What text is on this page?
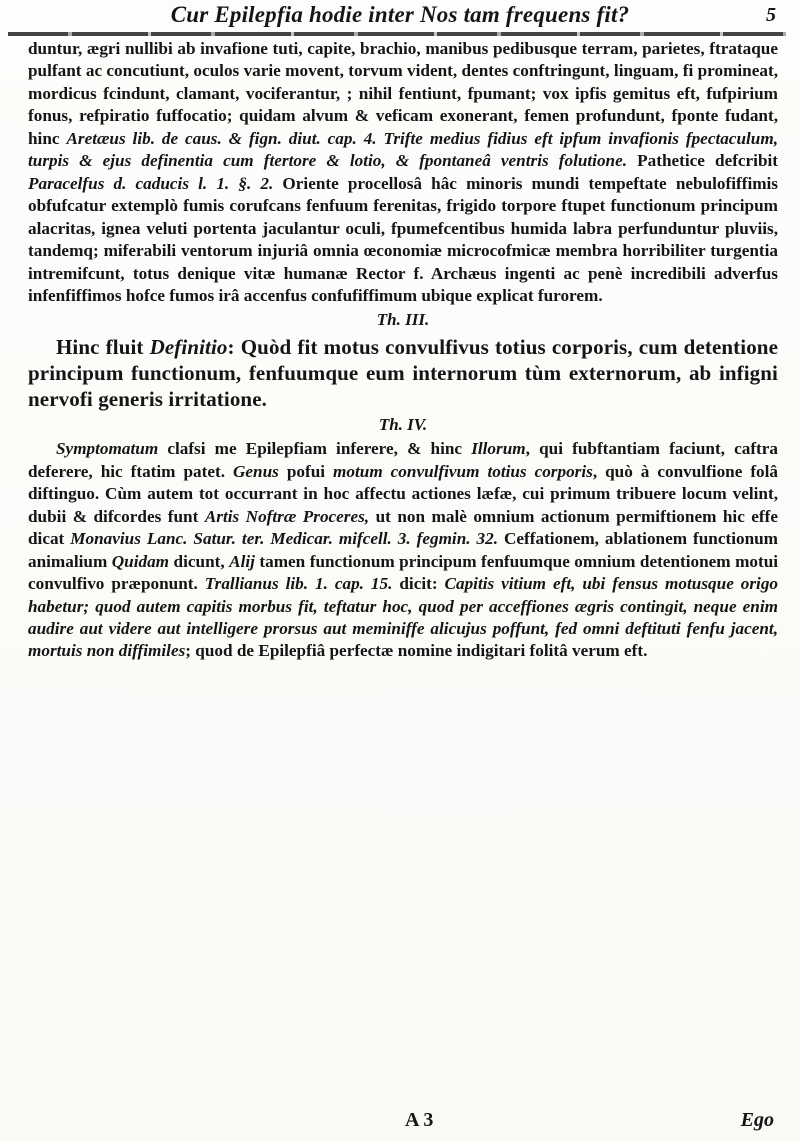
Cur Epilepfia hodie inter Nos tam frequens fit?	5

duntur, ægri nullibi ab invafione tuti, capite, brachio, manibus pedibusque terram, parietes, ftrataque pulfant ac concutiunt, oculos varie movent, torvum vident, dentes conftringunt, linguam, fi promineat, mordicus fcindunt, clamant, vociferantur, ; nihil fentiunt, fpumant; vox ipfis gemitus eft, fufpirium fonus, refpiratio fuffocatio; quidam alvum & veficam exonerant, femen profundunt, fponte fudant, hinc Aretæus lib. de caus. & fign. diut. cap. 4. Trifte medius fidius eft ipfum invafionis fpectaculum, turpis & ejus definentia cum ftertore & lotio, & fpontaneâ ventris folutione. Pathetice defcribit Paracelfus d. caducis l. 1. §. 2. Oriente procellosâ hâc minoris mundi tempeftate nebulofiffimis obfufcatur extemplò fumis corufcans fenfuum ferenitas, frigido torpore ftupet functionum principum alacritas, ignea veluti portenta jaculantur oculi, fpumefcentibus humida labra perfunduntur pluviis, tandemq; miferabili ventorum injuriâ omnia œconomiæ microcofmicæ membra horribiliter turgentia intremifcunt, totus denique vitæ humanæ Rector f. Archæus ingenti ac penè incredibili adverfus infenfiffimos hofce fumos irâ accenfus confufiffimum ubique explicat furorem.

Th. III.

Hinc fluit Definitio: Quòd fit motus convulfivus totius corporis, cum detentione principum functionum, fenfuumque eum internorum tùm externorum, ab infigni nervofi generis irritatione.

Th. IV.

Symptomatum clafsi me Epilepfiam inferere, & hinc Illorum, qui fubftantiam faciunt, caftra deferere, hic ftatim patet. Genus pofui motum convulfivum totius corporis, quò à convulfione folâ diftinguo. Cùm autem tot occurrant in hoc affectu actiones læfæ, cui primum tribuere locum velint, dubii & difcordes funt Artis Noftræ Proceres, ut non malè omnium actionum permiftionem hic effe dicat Monavius Lanc. Satur. ter. Medicar. mifcell. 3. fegmin. 32. Ceffationem, ablationem functionum animalium Quidam dicunt, Alij tamen functionum principum fenfuumque omnium detentionem motui convulfivo præponunt. Trallianus lib. 1. cap. 15. dicit: Capitis vitium eft, ubi fensus motusque origo habetur; quod autem capitis morbus fit, teftatur hoc, quod per acceffiones ægris contingit, neque enim audire aut videre aut intelligere prorsus aut meminiffe alicujus poffunt, fed omni deftituti fenfu jacent, mortuis non diffimiles; quod de Epilepfiâ perfectæ nomine indigitari folitâ verum eft.

A 3	Ego
